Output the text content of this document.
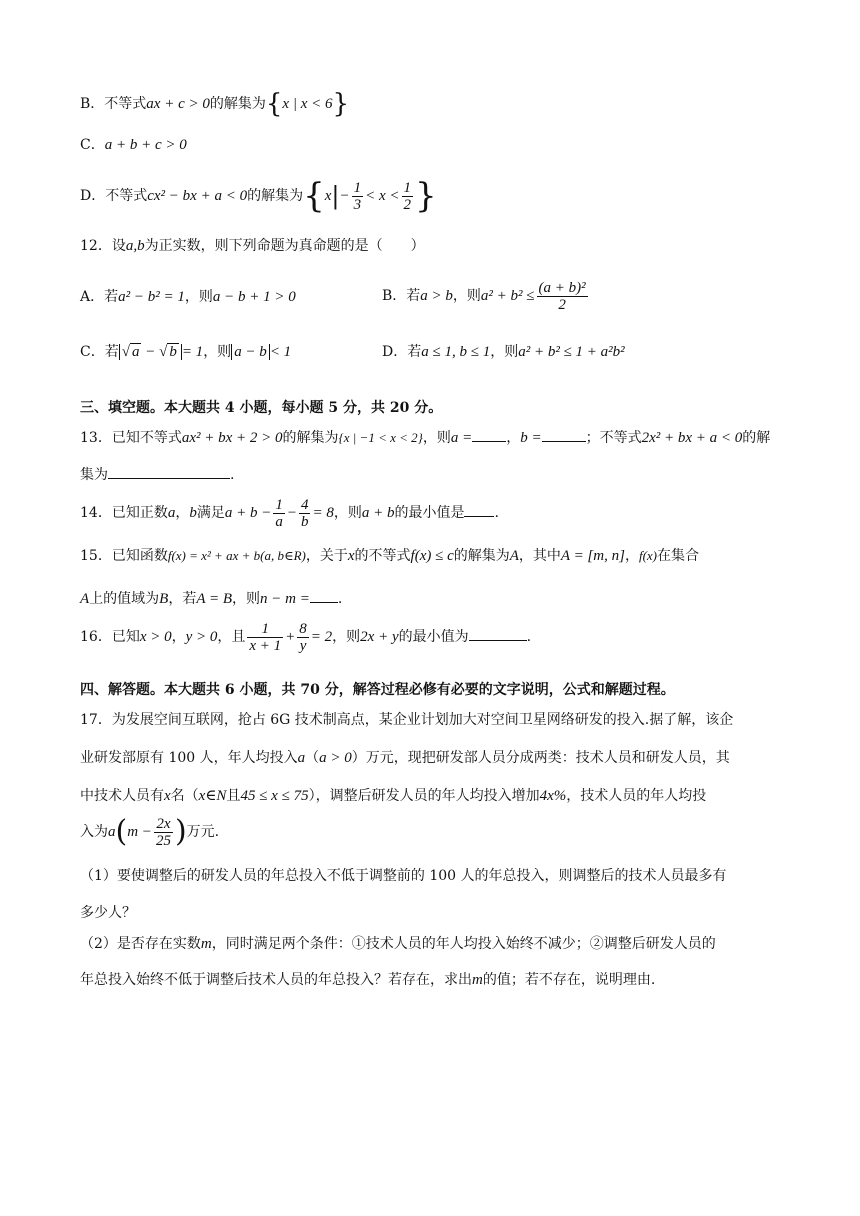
B．不等式ax + c > 0的解集为{x | x < 6}
C．a + b + c > 0
D．不等式cx² − bx + a < 0的解集为{$x|- \frac{1}{3} < x < \frac{1}{2}$ }
12．设a,b为正实数，则下列命题为真命题的是（　　）
A．若a² − b² = 1，则a − b + 1 > 0	B．若a > b，则$a^2 + b^2 \le \frac{\text{(a + b)²}}{2}$
C．若 √ a − √ b = 1，则 a − b < 1	D．若a ≤ 1, b ≤ 1，则a² + b² ≤ 1 + a²b²
三、填空题。本大题共 4 小题，每小题 5 分，共 20 分。
13．已知不等式ax² + bx + 2 > 0的解集为{x | −1 < x < 2}，则a = ，b =	；不等式2x² + bx + a < 0的解
集为	.
14．已知正数a，b满足$a + b - \frac{1}{a} - \frac{4}{b} = 8$，则a + b的最小值是 .
15．已知函数f(x) = x² + ax + b(a, b∈R)，关于x的不等式f(x) ≤ c的解集为A，其中A = [m, n]，f(x)在集合
A上的值域为B，若A = B，则n − m = .
16．已知x > 0，y > 0，且 $\frac{1}{x + 1} + \frac{8}{y} = 2$，则2x + y的最小值为	.
四、解答题。本大题共 6 小题，共 70 分，解答过程必修有必要的文字说明，公式和解题过程。
17．为发展空间互联网，抢占 6G 技术制高点，某企业计划加大对空间卫星网络研发的投入.据了解，该企
业研发部原有 100 人，年人均投入a（a > 0）万元，现把研发部人员分成两类：技术人员和研发人员，其
中技术人员有x名（x∈N且45 ≤ x ≤ 75），调整后研发人员的年人均投入增加4x%，技术人员的年人均投
入为$a(m - \frac{2x}{25}$ )万元.
（1）要使调整后的研发人员的年总投入不低于调整前的 100 人的年总投入，则调整后的技术人员最多有
多少人？
（2）是否存在实数m，同时满足两个条件：①技术人员的年人均投入始终不减少；②调整后研发人员的
年总投入始终不低于调整后技术人员的年总投入？若存在，求出m的值；若不存在，说明理由.
